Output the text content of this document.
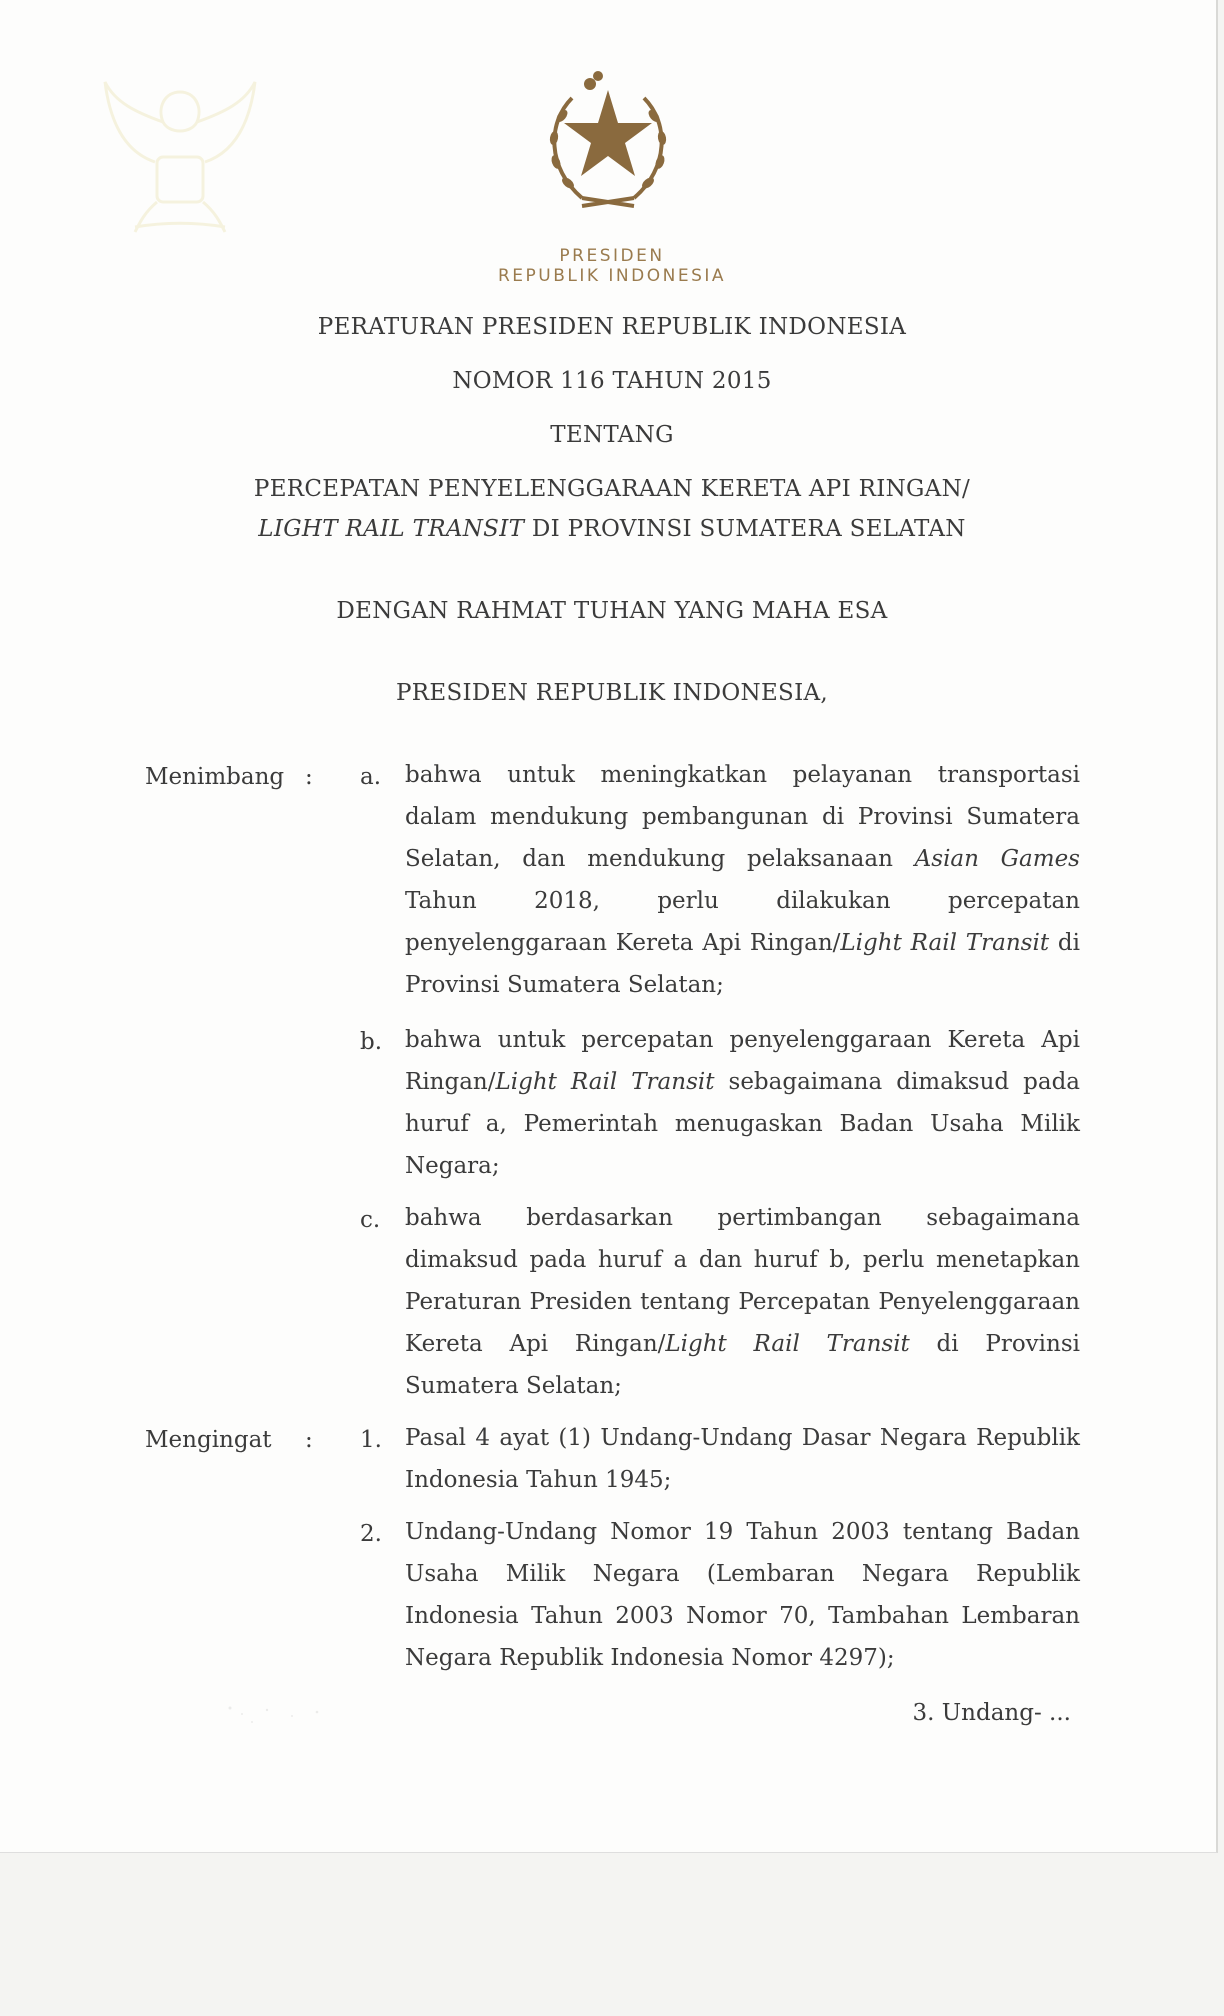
PRESIDEN
REPUBLIK INDONESIA
PERATURAN PRESIDEN REPUBLIK INDONESIA
NOMOR 116 TAHUN 2015
TENTANG
PERCEPATAN PENYELENGGARAAN KERETA API RINGAN/
LIGHT RAIL TRANSIT DI PROVINSI SUMATERA SELATAN
DENGAN RAHMAT TUHAN YANG MAHA ESA
PRESIDEN REPUBLIK INDONESIA,
Menimbang : a. bahwa untuk meningkatkan pelayanan transportasi dalam mendukung pembangunan di Provinsi Sumatera Selatan, dan mendukung pelaksanaan Asian Games Tahun 2018, perlu dilakukan percepatan penyelenggaraan Kereta Api Ringan/Light Rail Transit di Provinsi Sumatera Selatan;
b. bahwa untuk percepatan penyelenggaraan Kereta Api Ringan/Light Rail Transit sebagaimana dimaksud pada huruf a, Pemerintah menugaskan Badan Usaha Milik Negara;
c. bahwa berdasarkan pertimbangan sebagaimana dimaksud pada huruf a dan huruf b, perlu menetapkan Peraturan Presiden tentang Percepatan Penyelenggaraan Kereta Api Ringan/Light Rail Transit di Provinsi Sumatera Selatan;
Mengingat : 1. Pasal 4 ayat (1) Undang-Undang Dasar Negara Republik Indonesia Tahun 1945;
2. Undang-Undang Nomor 19 Tahun 2003 tentang Badan Usaha Milik Negara (Lembaran Negara Republik Indonesia Tahun 2003 Nomor 70, Tambahan Lembaran Negara Republik Indonesia Nomor 4297);
3. Undang- ...
